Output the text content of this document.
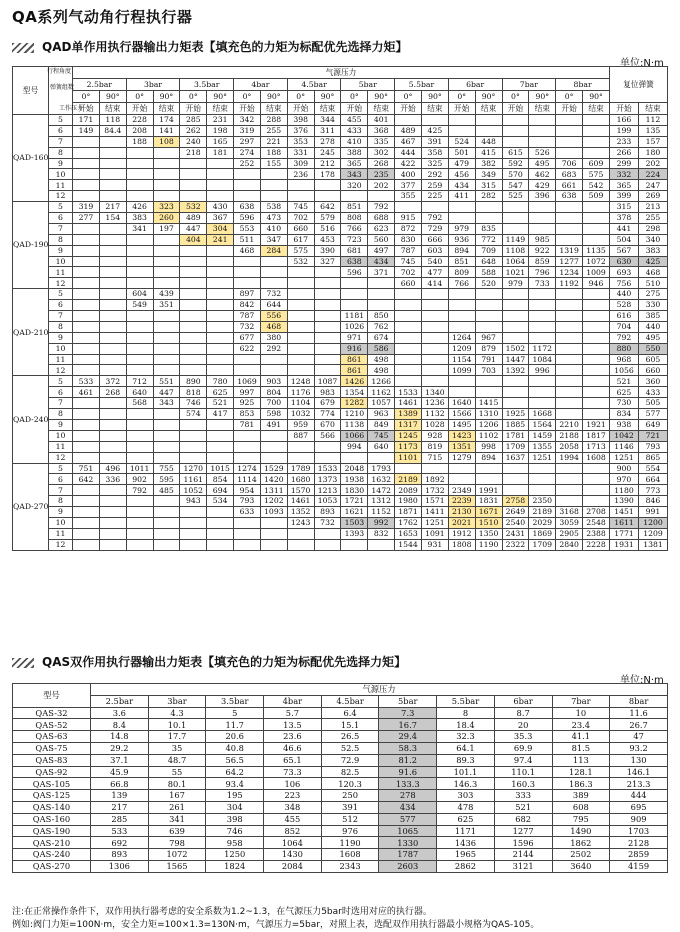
QA系列气动角行程执行器
QAD单作用执行器输出力矩表【填充色的力矩为标配优先选择力矩】
单位:N·m
型号	行程角度
弹簧组数
工作压力	气源压力																				复位弹簧	
		2.5bar		3bar		3.5bar		4bar		4.5bar		5bar		5.5bar		6bar		7bar		8bar			
		0°	90°	0°	90°	0°	90°	0°	90°	0°	90°	0°	90°	0°	90°	0°	90°	0°	90°	0°	90°		
		开始	结束	开始	结束	开始	结束	开始	结束	开始	结束	开始	结束	开始	结束	开始	结束	开始	结束	开始	结束	开始	结束
QAD-160	5	171	118	228	174	285	231	342	288	398	344	455	401									166	112
	6	149	84.4	208	141	262	198	319	255	376	311	433	368	489	425							199	135
	7			188	108	240	165	297	221	353	278	410	335	467	391	524	448					233	157
	8					218	181	274	188	331	245	388	302	444	358	501	415	615	526			266	180
	9							252	155	309	212	365	268	422	325	479	382	592	495	706	609	299	202
	10									236	178	343	235	400	292	456	349	570	462	683	575	332	224
	11											320	202	377	259	434	315	547	429	661	542	365	247
	12													355	225	411	282	525	396	638	509	399	269
QAD-190	5	319	217	426	323	532	430	638	538	745	642	851	792									315	213
	6	277	154	383	260	489	367	596	473	702	579	808	688	915	792							378	255
	7			341	197	447	304	553	410	660	516	766	623	872	729	979	835					441	298
	8					404	241	511	347	617	453	723	560	830	666	936	772	1149	985			504	340
	9							468	284	575	390	681	497	787	603	894	709	1108	922	1319	1135	567	383
	10									532	327	638	434	745	540	851	648	1064	859	1277	1072	630	425
	11											596	371	702	477	809	588	1021	796	1234	1009	693	468
	12													660	414	766	520	979	733	1192	946	756	510
QAD-210	5			604	439			897	732													440	275
	6			549	351			842	644													528	330
	7							787	556			1181	850									616	385
	8							732	468			1026	762									704	440
	9							677	380			971	674			1264	967					792	495
	10							622	292			916	586			1209	879	1502	1172			880	550
	11											861	498			1154	791	1447	1084			968	605
	12											861	498			1099	703	1392	996			1056	660
QAD-240	5	533	372	712	551	890	780	1069	903	1248	1087	1426	1266									521	360
	6	461	268	640	447	818	625	997	804	1176	983	1354	1162	1533	1340							625	433
	7			568	343	746	521	925	700	1104	679	1282	1057	1461	1236	1640	1415					730	505
	8					574	417	853	598	1032	774	1210	963	1389	1132	1566	1310	1925	1668			834	577
	9							781	491	959	670	1138	849	1317	1028	1495	1206	1885	1564	2210	1921	938	649
	10									887	566	1066	745	1245	928	1423	1102	1781	1459	2188	1817	1042	721
	11											994	640	1173	819	1351	998	1709	1355	2058	1713	1146	793
	12													1101	715	1279	894	1637	1251	1994	1608	1251	865
QAD-270	5	751	496	1011	755	1270	1015	1274	1529	1789	1533	2048	1793									900	554
	6	642	336	902	595	1161	854	1114	1420	1680	1373	1938	1632	2189	1892							970	664
	7			792	485	1052	694	954	1311	1570	1213	1830	1472	2089	1732	2349	1991					1180	773
	8					943	534	793	1202	1461	1053	1721	1312	1980	1571	2239	1831	2758	2350			1390	846
	9							633	1093	1352	893	1621	1152	1871	1411	2130	1671	2649	2189	3168	2708	1451	991
	10									1243	732	1503	992	1762	1251	2021	1510	2540	2029	3059	2548	1611	1200
	11											1393	832	1653	1091	1912	1350	2431	1869	2905	2388	1771	1209
	12													1544	931	1808	1190	2322	1709	2840	2228	1931	1381
QAS双作用执行器输出力矩表【填充色的力矩为标配优先选择力矩】
单位:N·m
型号	气源压力									
	2.5bar	3bar	3.5bar	4bar	4.5bar	5bar	5.5bar	6bar	7bar	8bar
QAS-32	3.6	4.3	5	5.7	6.4	7.3	8	8.7	10	11.6
QAS-52	8.4	10.1	11.7	13.5	15.1	16.7	18.4	20	23.4	26.7
QAS-63	14.8	17.7	20.6	23.6	26.5	29.4	32.3	35.3	41.1	47
QAS-75	29.2	35	40.8	46.6	52.5	58.3	64.1	69.9	81.5	93.2
QAS-83	37.1	48.7	56.5	65.1	72.9	81.2	89.3	97.4	113	130
QAS-92	45.9	55	64.2	73.3	82.5	91.6	101.1	110.1	128.1	146.1
QAS-105	66.8	80.1	93.4	106	120.3	133.3	146.3	160.3	186.3	213.3
QAS-125	139	167	195	223	250	278	303	333	389	444
QAS-140	217	261	304	348	391	434	478	521	608	695
QAS-160	285	341	398	455	512	577	625	682	795	909
QAS-190	533	639	746	852	976	1065	1171	1277	1490	1703
QAS-210	692	798	958	1064	1190	1330	1436	1596	1862	2128
QAS-240	893	1072	1250	1430	1608	1787	1965	2144	2502	2859
QAS-270	1306	1565	1824	2084	2343	2603	2862	3121	3640	4159
注:在正常操作条件下，双作用执行器考虑的安全系数为1.2~1.3，在气源压力5bar时选用对应的执行器。
例如:阀门力矩=100N·m，安全力矩=100×1.3=130N·m，气源压力=5bar，对照上表，选配双作用执行器最小规格为QAS-105。
